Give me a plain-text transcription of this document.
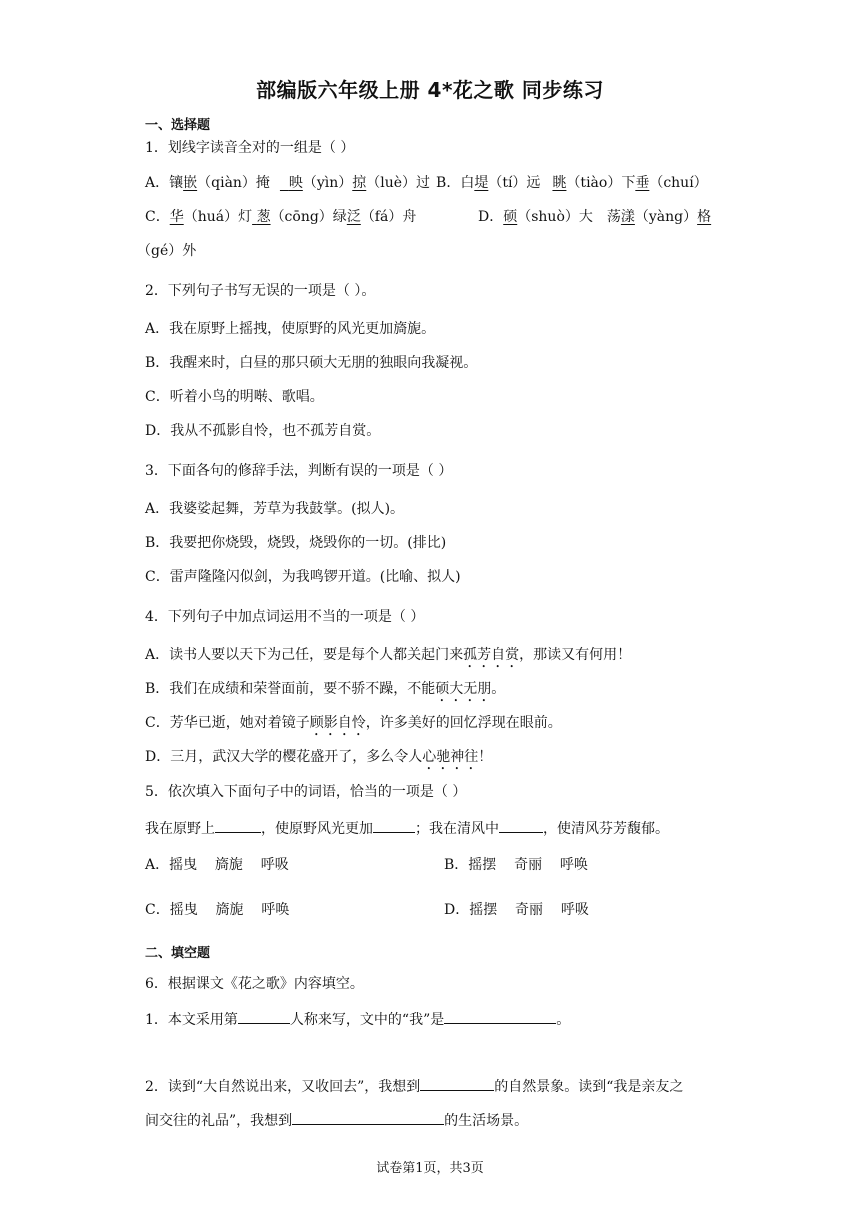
部编版六年级上册 4*花之歌 同步练习
一、选择题
1．划线字读音全对的一组是（ ）
A．镶嵌（qiàn）掩 映（yìn）掠（luè）过 B．白堤（tí）远 眺（tiào）下垂（chuí）
C．华（huá）灯 葱（cōng）绿泛（fá）舟	D．硕（shuò）大 荡漾（yàng）格
（gé）外
2．下列句子书写无误的一项是（ ）。
A．我在原野上摇拽，使原野的风光更加旖旎。
B．我醒来时，白昼的那只硕大无朋的独眼向我凝视。
C．听着小鸟的明啭、歌唱。
D．我从不孤影自怜，也不孤芳自赏。
3．下面各句的修辞手法，判断有误的一项是（ ）
A．我婆娑起舞，芳草为我鼓掌。(拟人)。
B．我要把你烧毁，烧毁，烧毁你的一切。(排比)
C．雷声隆隆闪似剑，为我鸣锣开道。(比喻、拟人)
4．下列句子中加点词运用不当的一项是（ ）
A．读书人要以天下为己任，要是每个人都关起门来孤芳自赏，那读又有何用！
B．我们在成绩和荣誉面前，要不骄不躁，不能硕大无朋。
C．芳华已逝，她对着镜子顾影自怜，许多美好的回忆浮现在眼前。
D．三月，武汉大学的樱花盛开了，多么令人心驰神往！
5．依次填入下面句子中的词语，恰当的一项是（ ）
我在原野上	，使原野风光更加	；我在清风中	，使清风芬芳馥郁。
A．摇曳    旖旎    呼吸	B．摇摆    奇丽    呼唤
C．摇曳    旖旎    呼唤	D．摇摆    奇丽    呼吸
二、填空题
6．根据课文《花之歌》内容填空。
1．本文采用第	人称来写，文中的“我”是	。
2．读到“大自然说出来，又收回去”，我想到	的自然景象。读到“我是亲友之
间交往的礼品”，我想到	的生活场景。
试卷第1页，共3页
